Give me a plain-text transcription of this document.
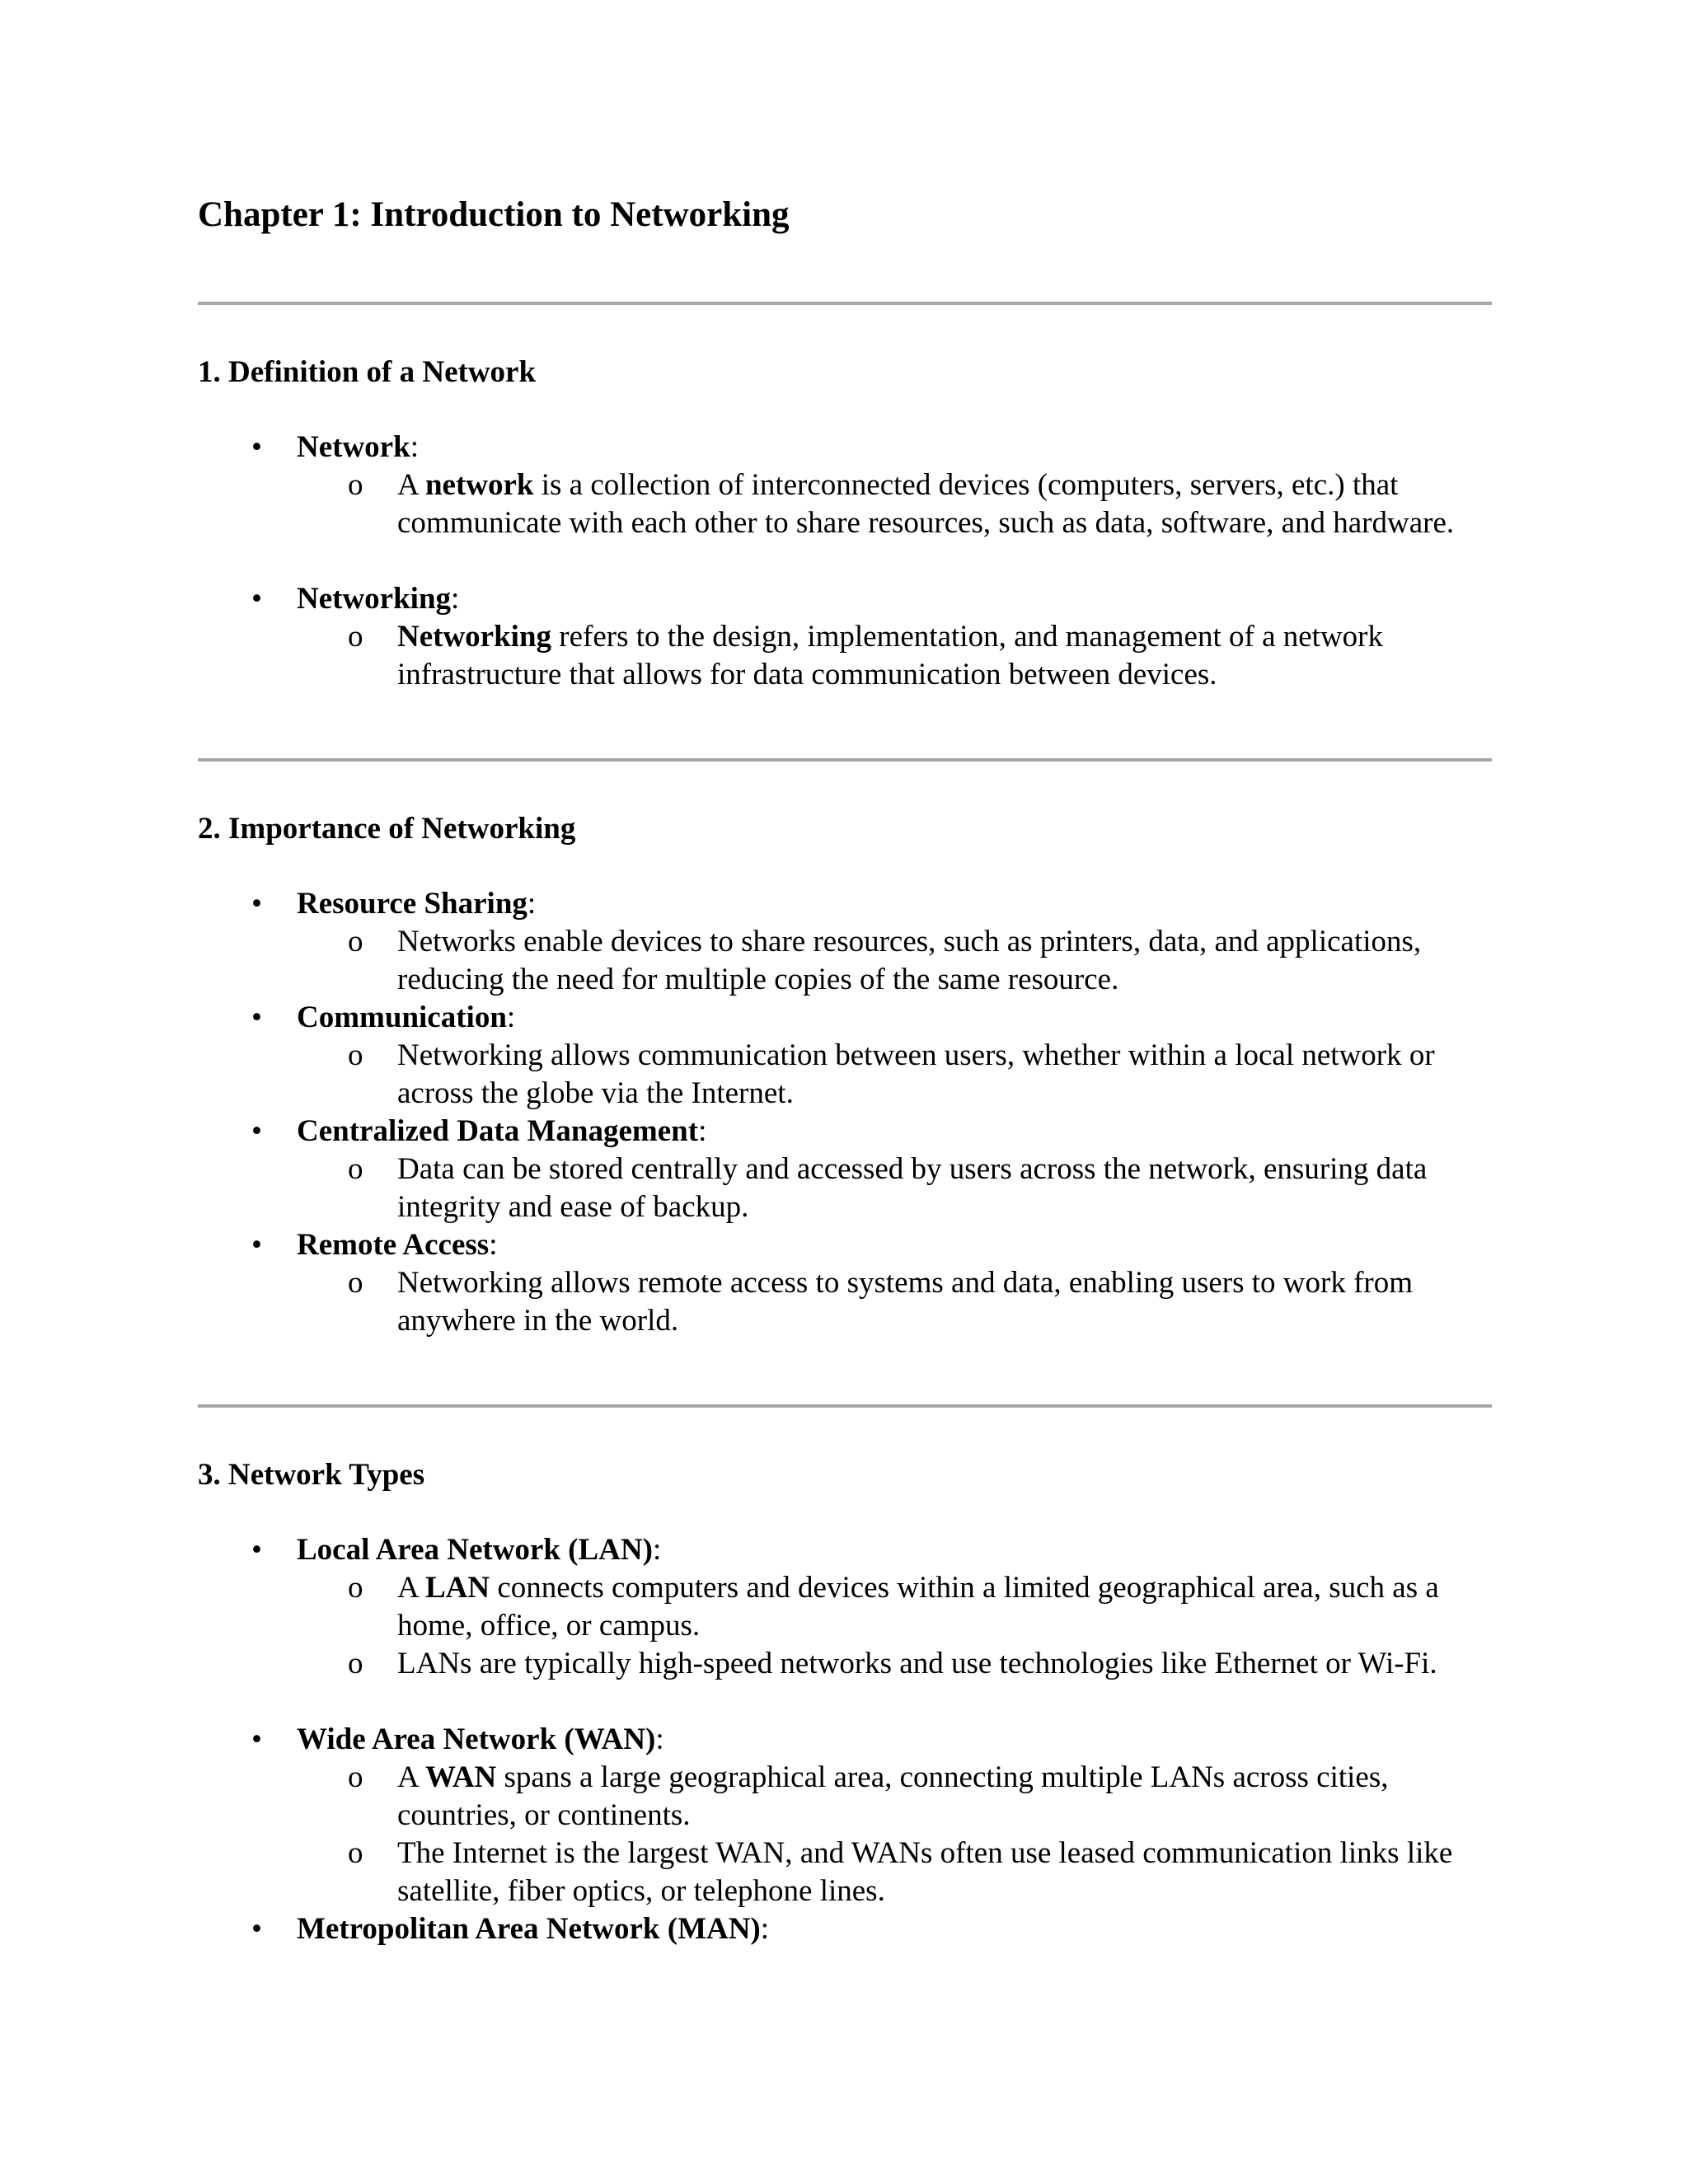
Chapter 1: Introduction to Networking
1. Definition of a Network
• Network:
o A network is a collection of interconnected devices (computers, servers, etc.) that communicate with each other to share resources, such as data, software, and hardware.
• Networking:
o Networking refers to the design, implementation, and management of a network infrastructure that allows for data communication between devices.
2. Importance of Networking
• Resource Sharing:
o Networks enable devices to share resources, such as printers, data, and applications, reducing the need for multiple copies of the same resource.
• Communication:
o Networking allows communication between users, whether within a local network or across the globe via the Internet.
• Centralized Data Management:
o Data can be stored centrally and accessed by users across the network, ensuring data integrity and ease of backup.
• Remote Access:
o Networking allows remote access to systems and data, enabling users to work from anywhere in the world.
3. Network Types
• Local Area Network (LAN):
o A LAN connects computers and devices within a limited geographical area, such as a home, office, or campus.
o LANs are typically high-speed networks and use technologies like Ethernet or Wi-Fi.
• Wide Area Network (WAN):
o A WAN spans a large geographical area, connecting multiple LANs across cities, countries, or continents.
o The Internet is the largest WAN, and WANs often use leased communication links like satellite, fiber optics, or telephone lines.
• Metropolitan Area Network (MAN):
